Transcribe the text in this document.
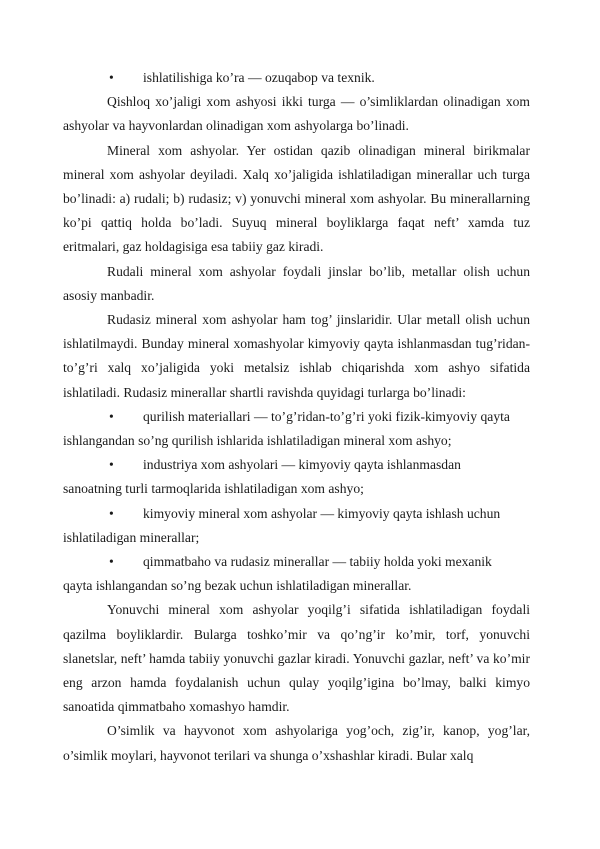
• ishlatilishiga ko’ra — ozuqabop va texnik.

Qishloq xo’jaligi xom ashyosi ikki turga — o’simliklardan olinadigan xom ashyolar va hayvonlardan olinadigan xom ashyolarga bo’linadi.

Mineral xom ashyolar. Yer ostidan qazib olinadigan mineral birikmalar mineral xom ashyolar deyiladi. Xalq xo’jaligida ishlatiladigan minerallar uch turga bo’linadi: a) rudali; b) rudasiz; v) yonuvchi mineral xom ashyolar. Bu minerallarning ko’pi qattiq holda bo’ladi. Suyuq mineral boyliklarga faqat neft’ xamda tuz eritmalari, gaz holdagisiga esa tabiiy gaz kiradi.

Rudali mineral xom ashyolar foydali jinslar bo’lib, metallar olish uchun asosiy manbadir.

Rudasiz mineral xom ashyolar ham tog’ jinslaridir. Ular metall olish uchun ishlatilmaydi. Bunday mineral xomashyolar kimyoviy qayta ishlanmasdan tug’ridan-to’g’ri xalq xo’jaligida yoki metalsiz ishlab chiqarishda xom ashyo sifatida ishlatiladi. Rudasiz minerallar shartli ravishda quyidagi turlarga bo’linadi:

• qurilish materiallari — to’g’ridan-to’g’ri yoki fizik-kimyoviy qayta
ishlangandan so’ng qurilish ishlarida ishlatiladigan mineral xom ashyo;

• industriya xom ashyolari — kimyoviy qayta ishlanmasdan
sanoatning turli tarmoqlarida ishlatiladigan xom ashyo;

• kimyoviy mineral xom ashyolar — kimyoviy qayta ishlash uchun
ishlatiladigan minerallar;

• qimmatbaho va rudasiz minerallar — tabiiy holda yoki mexanik
qayta ishlangandan so’ng bezak uchun ishlatiladigan minerallar.

Yonuvchi mineral xom ashyolar yoqilg’i sifatida ishlatiladigan foydali qazilma boyliklardir. Bularga toshko’mir va qo’ng’ir ko’mir, torf, yonuvchi slanetslar, neft’ hamda tabiiy yonuvchi gazlar kiradi. Yonuvchi gazlar, neft’ va ko’mir eng arzon hamda foydalanish uchun qulay yoqilg’igina bo’lmay, balki kimyo sanoatida qimmatbaho xomashyo hamdir.

O’simlik va hayvonot xom ashyolariga yog’och, zig’ir, kanop, yog’lar, o’simlik moylari, hayvonot terilari va shunga o’xshashlar kiradi. Bular xalq
